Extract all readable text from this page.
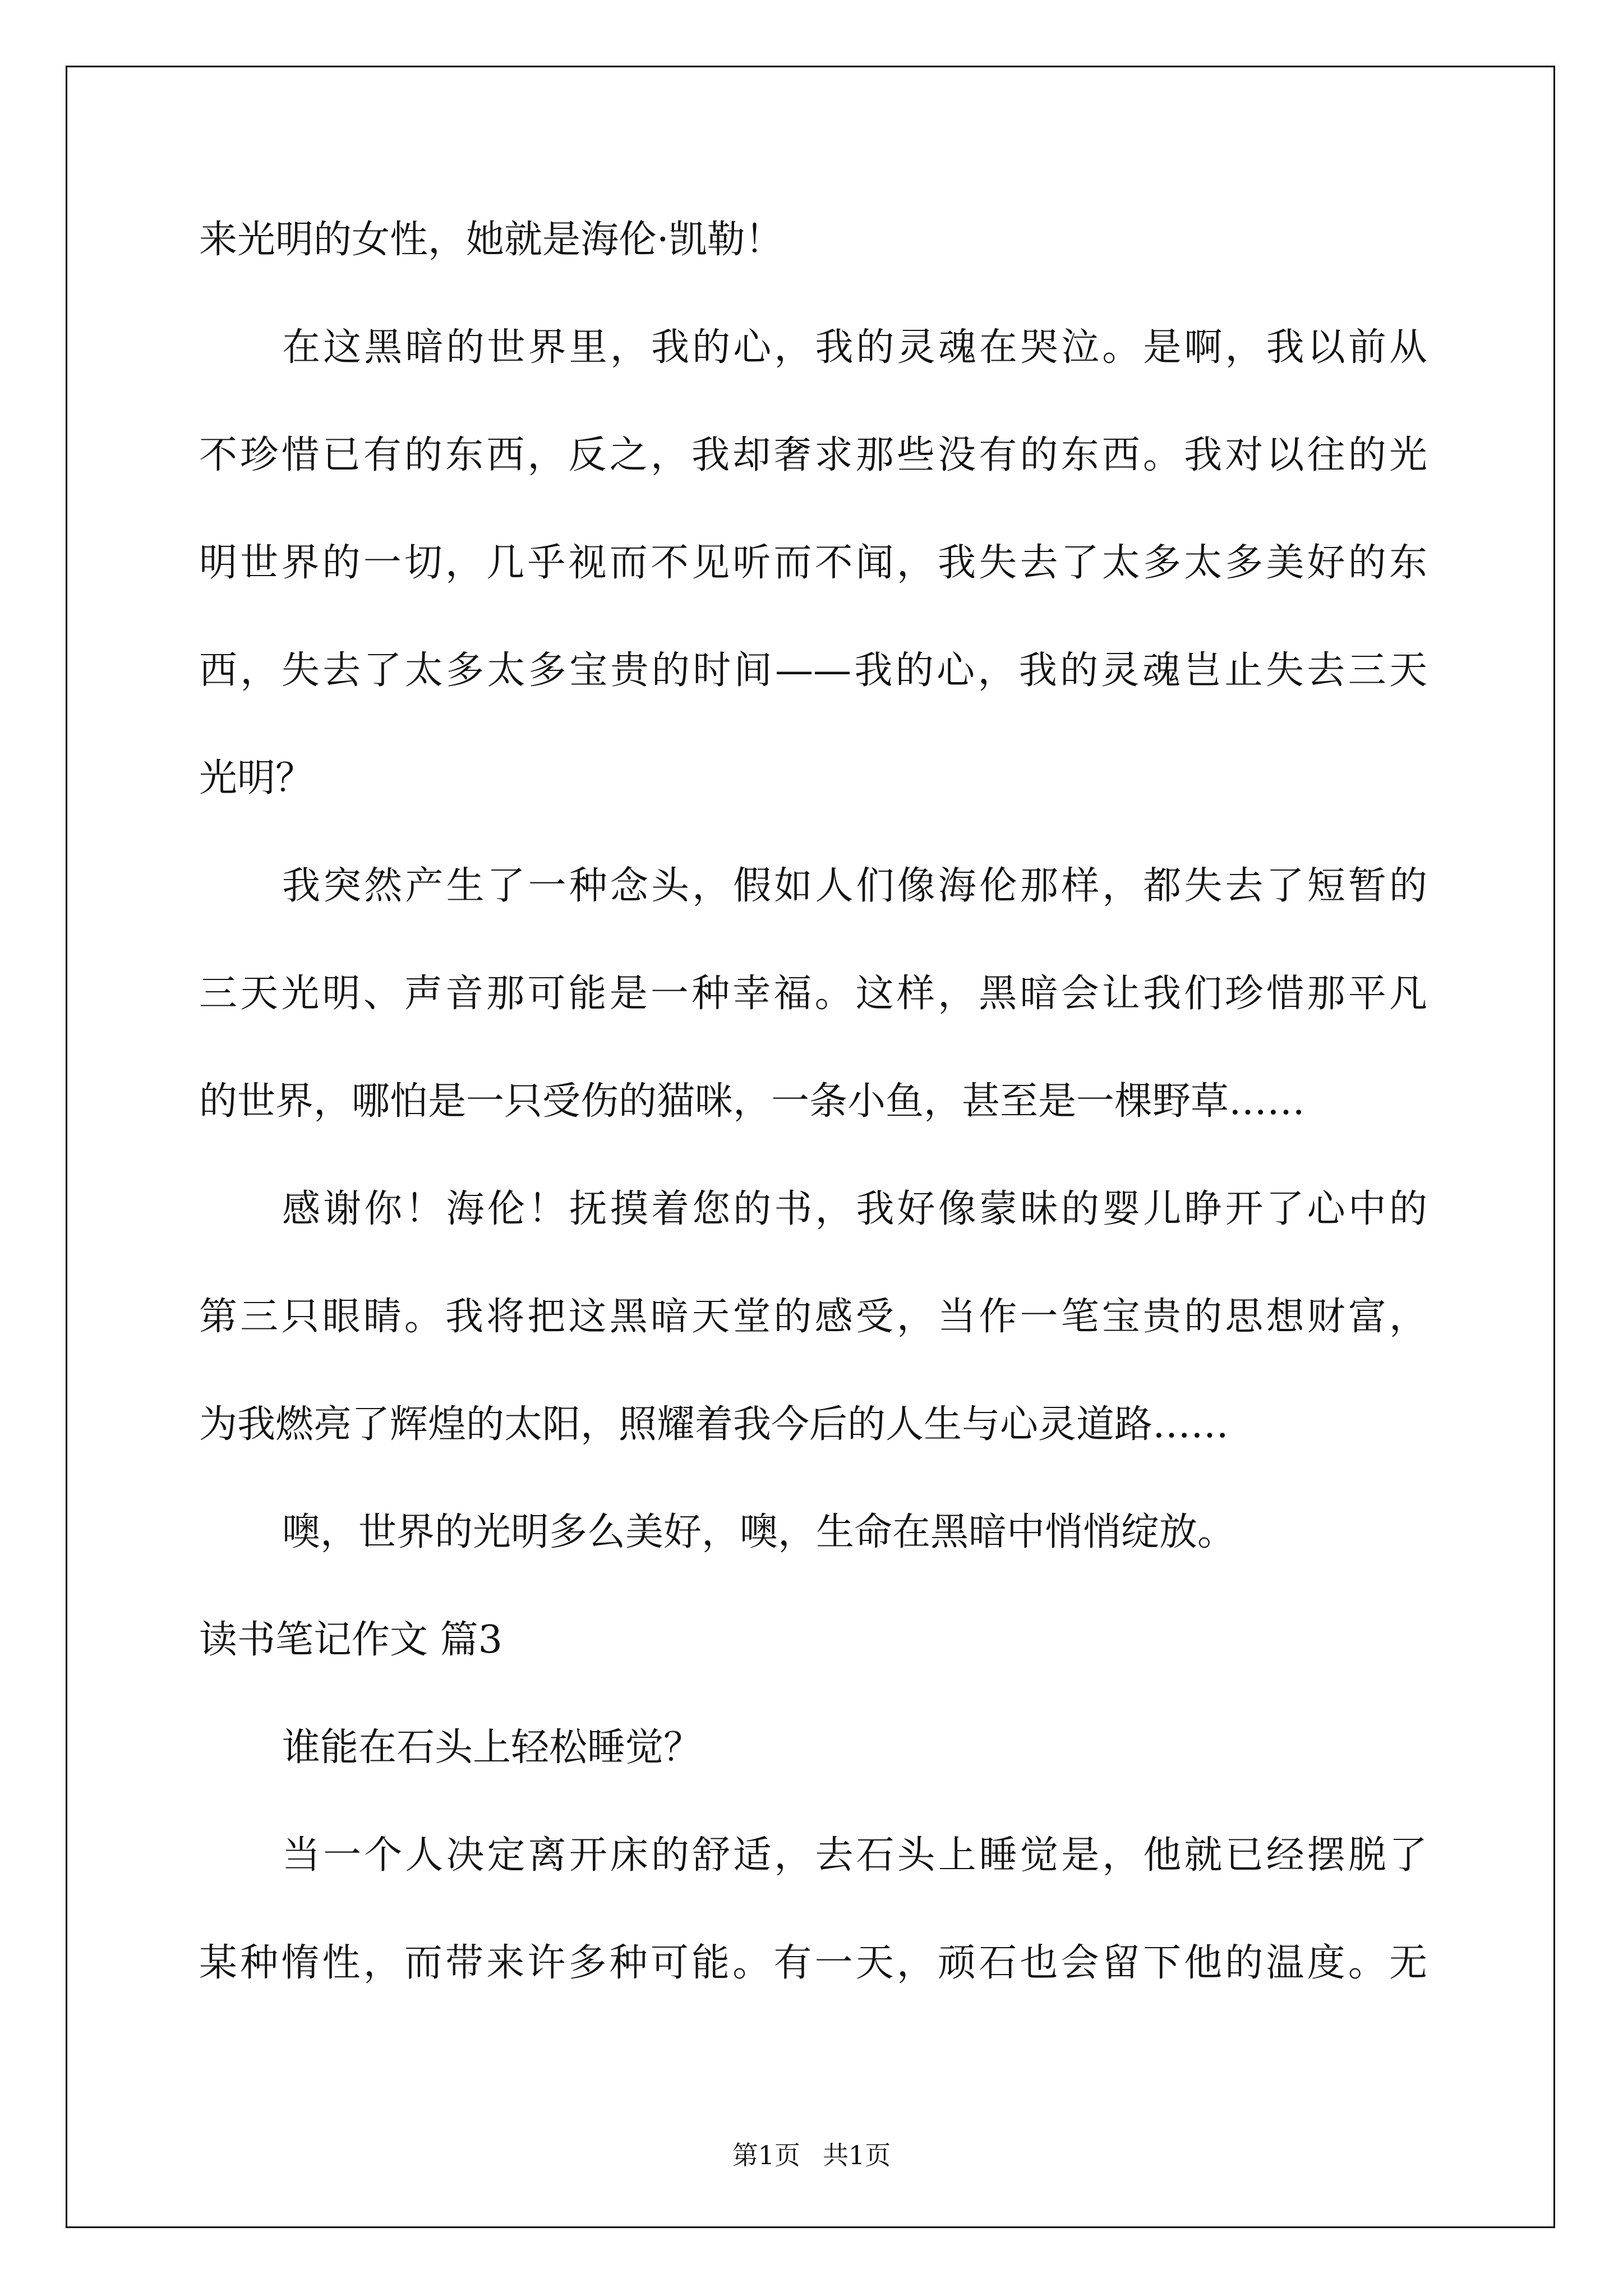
来光明的女性，她就是海伦·凯勒！
在这黑暗的世界里，我的心，我的灵魂在哭泣。是啊，我以前从
不珍惜已有的东西，反之，我却奢求那些没有的东西。我对以往的光
明世界的一切，几乎视而不见听而不闻，我失去了太多太多美好的东
西，失去了太多太多宝贵的时间——我的心，我的灵魂岂止失去三天
光明？
我突然产生了一种念头，假如人们像海伦那样，都失去了短暂的
三天光明、声音那可能是一种幸福。这样，黑暗会让我们珍惜那平凡
的世界，哪怕是一只受伤的猫咪，一条小鱼，甚至是一棵野草……
感谢你！海伦！抚摸着您的书，我好像蒙昧的婴儿睁开了心中的
第三只眼睛。我将把这黑暗天堂的感受，当作一笔宝贵的思想财富，
为我燃亮了辉煌的太阳，照耀着我今后的人生与心灵道路……
噢，世界的光明多么美好，噢，生命在黑暗中悄悄绽放。
读书笔记作文 篇3
谁能在石头上轻松睡觉？
当一个人决定离开床的舒适，去石头上睡觉是，他就已经摆脱了
某种惰性，而带来许多种可能。有一天，顽石也会留下他的温度。无
第1页 共1页
